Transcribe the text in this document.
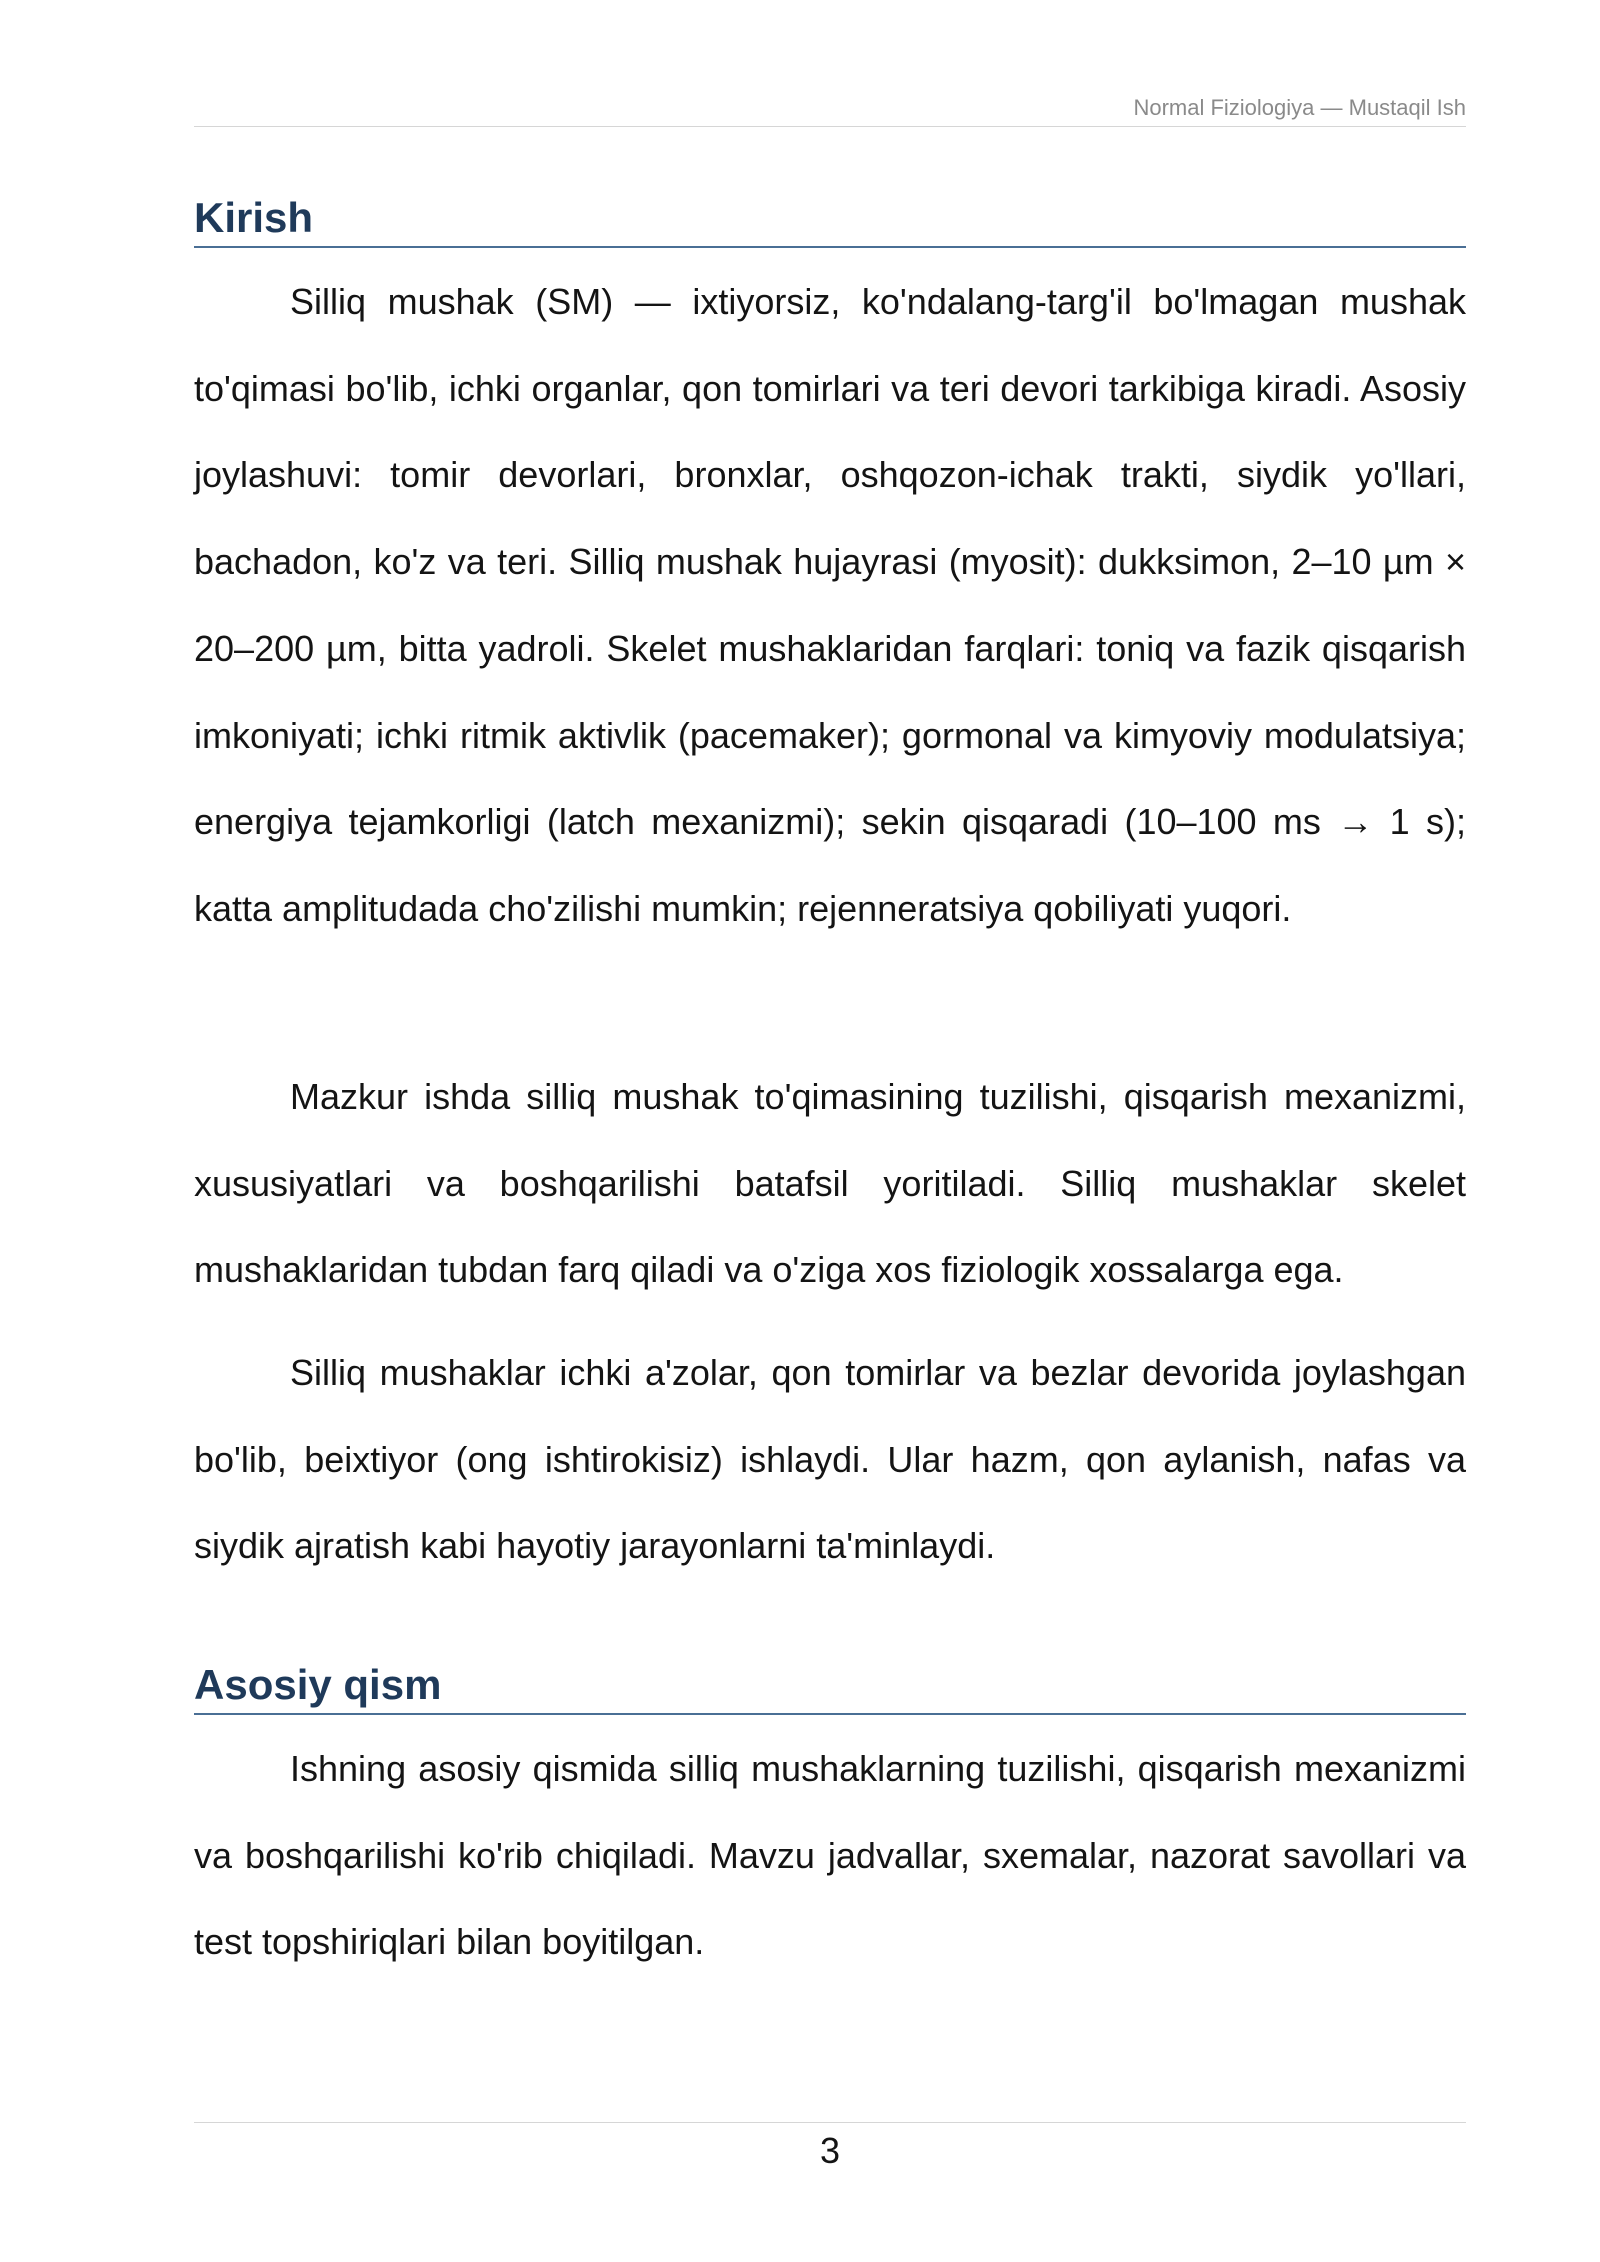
Normal Fiziologiya — Mustaqil Ish
Kirish

Silliq mushak (SM) — ixtiyorsiz, ko'ndalang-targ'il bo'lmagan mushak to'qimasi bo'lib, ichki organlar, qon tomirlari va teri devori tarkibiga kiradi. Asosiy joylashuvi: tomir devorlari, bronxlar, oshqozon-ichak trakti, siydik yo'llari, bachadon, ko'z va teri. Silliq mushak hujayrasi (myosit): dukksimon, 2–10 µm × 20–200 µm, bitta yadroli. Skelet mushaklaridan farqlari: toniq va fazik qisqarish imkoniyati; ichki ritmik aktivlik (pacemaker); gormonal va kimyoviy modulatsiya; energiya tejamkorligi (latch mexanizmi); sekin qisqaradi (10–100 ms → 1 s); katta amplitudada cho'zilishi mumkin; rejenneratsiya qobiliyati yuqori.

Mazkur ishda silliq mushak to'qimasining tuzilishi, qisqarish mexanizmi, xususiyatlari va boshqarilishi batafsil yoritiladi. Silliq mushaklar skelet mushaklaridan tubdan farq qiladi va o'ziga xos fiziologik xossalarga ega.

Silliq mushaklar ichki a'zolar, qon tomirlar va bezlar devorida joylashgan bo'lib, beixtiyor (ong ishtirokisiz) ishlaydi. Ular hazm, qon aylanish, nafas va siydik ajratish kabi hayotiy jarayonlarni ta'minlaydi.

Asosiy qism

Ishning asosiy qismida silliq mushaklarning tuzilishi, qisqarish mexanizmi va boshqarilishi ko'rib chiqiladi. Mavzu jadvallar, sxemalar, nazorat savollari va test topshiriqlari bilan boyitilgan.

3
